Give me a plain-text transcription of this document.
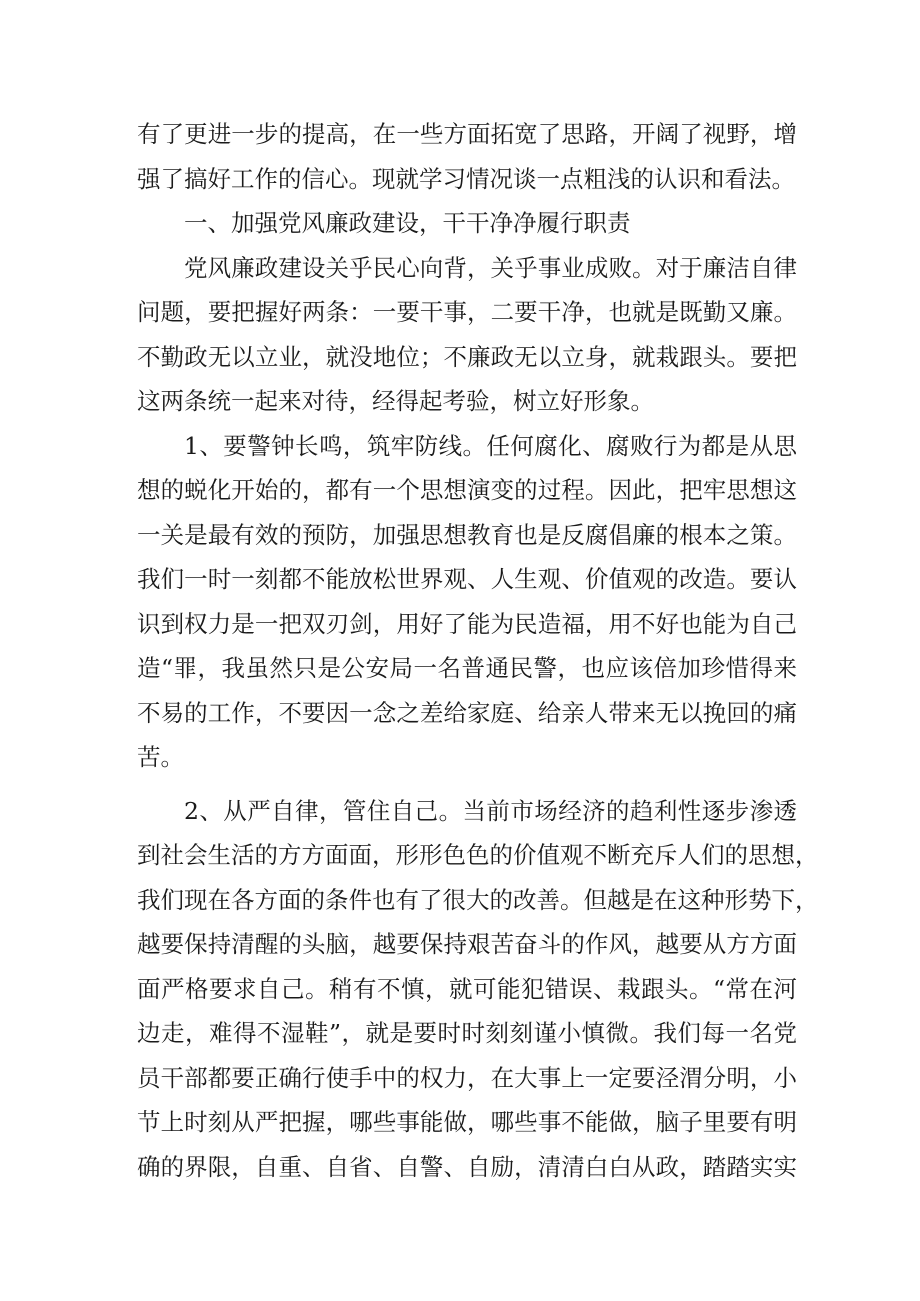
有了更进一步的提高，在一些方面拓宽了思路，开阔了视野，增
强了搞好工作的信心。现就学习情况谈一点粗浅的认识和看法。
一、加强党风廉政建设，干干净净履行职责
党风廉政建设关乎民心向背，关乎事业成败。对于廉洁自律
问题，要把握好两条：一要干事，二要干净，也就是既勤又廉。
不勤政无以立业，就没地位；不廉政无以立身，就栽跟头。要把
这两条统一起来对待，经得起考验，树立好形象。
1、要警钟长鸣，筑牢防线。任何腐化、腐败行为都是从思
想的蜕化开始的，都有一个思想演变的过程。因此，把牢思想这
一关是最有效的预防，加强思想教育也是反腐倡廉的根本之策。
我们一时一刻都不能放松世界观、人生观、价值观的改造。要认
识到权力是一把双刃剑，用好了能为民造福，用不好也能为自己
造“罪，我虽然只是公安局一名普通民警，也应该倍加珍惜得来
不易的工作，不要因一念之差给家庭、给亲人带来无以挽回的痛
苦。
2、从严自律，管住自己。当前市场经济的趋利性逐步渗透
到社会生活的方方面面，形形色色的价值观不断充斥人们的思想，
我们现在各方面的条件也有了很大的改善。但越是在这种形势下，
越要保持清醒的头脑，越要保持艰苦奋斗的作风，越要从方方面
面严格要求自己。稍有不慎，就可能犯错误、栽跟头。“常在河
边走，难得不湿鞋”，就是要时时刻刻谨小慎微。我们每一名党
员干部都要正确行使手中的权力，在大事上一定要泾渭分明，小
节上时刻从严把握，哪些事能做，哪些事不能做，脑子里要有明
确的界限，自重、自省、自警、自励，清清白白从政，踏踏实实
